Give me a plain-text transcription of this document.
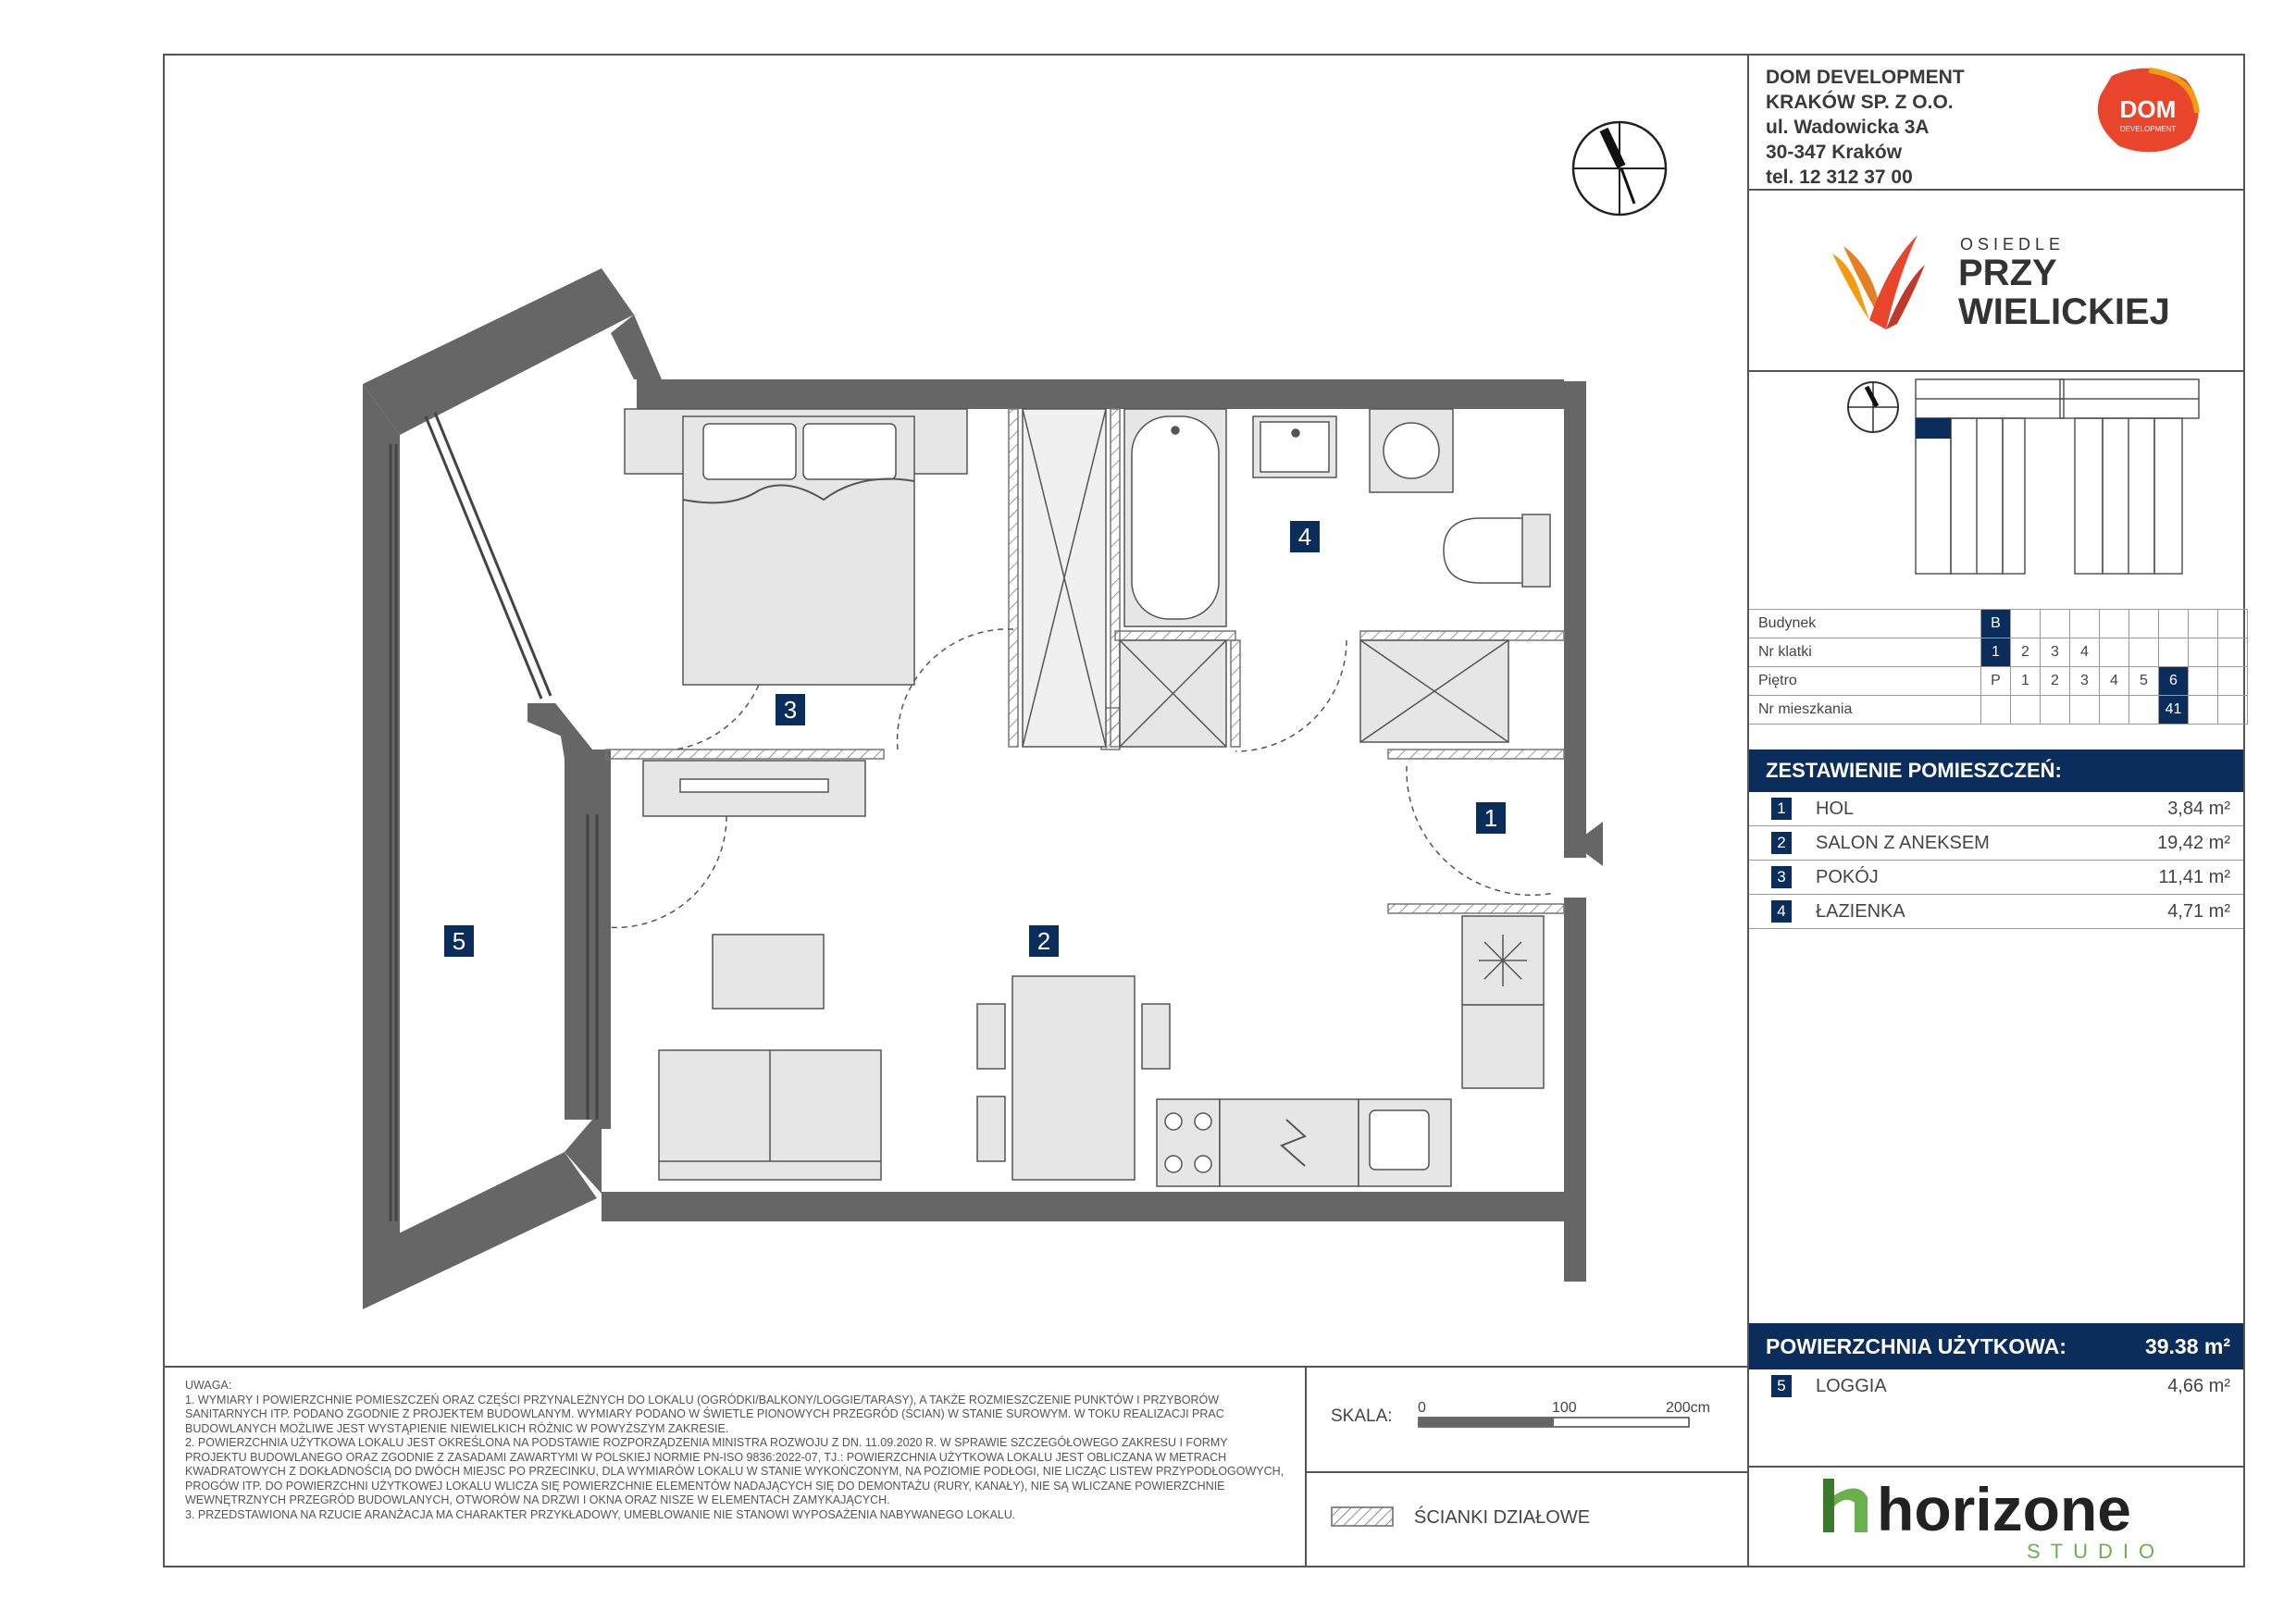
DOM DEVELOPMENT
KRAKÓW SP. Z O.O.
ul. Wadowicka 3A
30-347 Kraków
tel. 12 312 37 00
DOM
DEVELOPMENT
OSIEDLE
PRZY
WIELICKIEJ
Budynek	B								
Nr klatki	1	2	3	4					
Piętro	P	1	2	3	4	5	6		
Nr mieszkania							41		
ZESTAWIENIE POMIESZCZEŃ:
1	HOL	3,84 m²
2	SALON Z ANEKSEM	19,42 m²
3	POKÓJ	11,41 m²
4	ŁAZIENKA	4,71 m²
POWIERZCHNIA UŻYTKOWA:	39.38 m²
5	LOGGIA	4,66 m²
UWAGA:
1. WYMIARY I POWIERZCHNIE POMIESZCZEŃ ORAZ CZĘŚCI PRZYNALEŻNYCH DO LOKALU (OGRÓDKI/BALKONY/LOGGIE/TARASY), A TAKŻE ROZMIESZCZENIE PUNKTÓW I PRZYBORÓW SANITARNYCH ITP. PODANO ZGODNIE Z PROJEKTEM BUDOWLANYM. WYMIARY PODANO W ŚWIETLE PIONOWYCH PRZEGRÓD (ŚCIAN) W STANIE SUROWYM. W TOKU REALIZACJI PRAC BUDOWLANYCH MOŻLIWE JEST WYSTĄPIENIE NIEWIELKICH RÓŻNIC W POWYŻSZYM ZAKRESIE.
2. POWIERZCHNIA UŻYTKOWA LOKALU JEST OKREŚLONA NA PODSTAWIE ROZPORZĄDZENIA MINISTRA ROZWOJU Z DN. 11.09.2020 R. W SPRAWIE SZCZEGÓŁOWEGO ZAKRESU I FORMY PROJEKTU BUDOWLANEGO ORAZ ZGODNIE Z ZASADAMI ZAWARTYMI W POLSKIEJ NORMIE PN-ISO 9836:2022-07, TJ.: POWIERZCHNIA UŻYTKOWA LOKALU JEST OBLICZANA W METRACH KWADRATOWYCH Z DOKŁADNOŚCIĄ DO DWÓCH MIEJSC PO PRZECINKU, DLA WYMIARÓW LOKALU W STANIE WYKOŃCZONYM, NA POZIOMIE PODŁOGI, NIE LICZĄC LISTEW PRZYPODŁOGOWYCH, PROGÓW ITP. DO POWIERZCHNI UŻYTKOWEJ LOKALU WLICZA SIĘ POWIERZCHNIE ELEMENTÓW NADAJĄCYCH SIĘ DO DEMONTAŻU (RURY, KANAŁY), NIE SĄ WLICZANE POWIERZCHNIE WEWNĘTRZNYCH PRZEGRÓD BUDOWLANYCH, OTWORÓW NA DRZWI I OKNA ORAZ NISZE W ELEMENTACH ZAMYKAJĄCYCH.
3. PRZEDSTAWIONA NA RZUCIE ARANŻACJA MA CHARAKTER PRZYKŁADOWY, UMEBLOWANIE NIE STANOWI WYPOSAŻENIA NABYWANEGO LOKALU.
SKALA: 0	100	200cm
ŚCIANKI DZIAŁOWE	horizone
STUDIO
1
2
3
4
5
